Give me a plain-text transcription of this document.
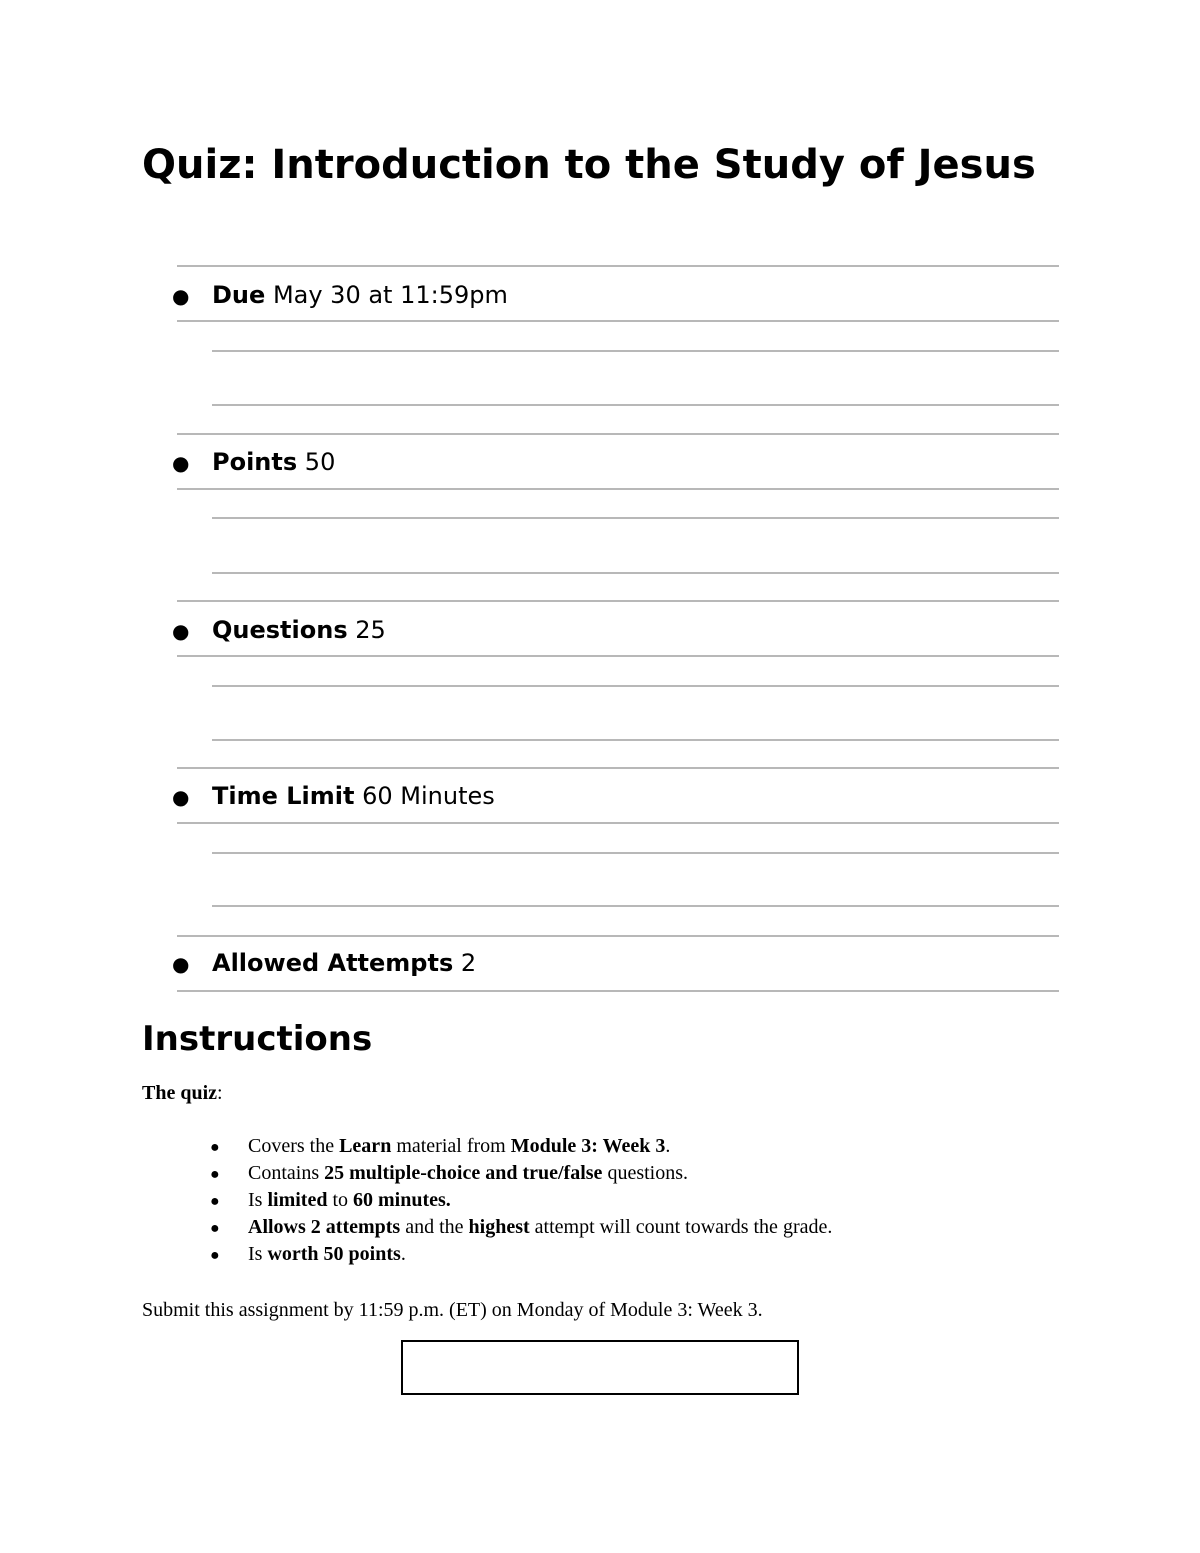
Quiz: Introduction to the Study of Jesus
● Due May 30 at 11:59pm
● Points 50
● Questions 25
● Time Limit 60 Minutes
● Allowed Attempts 2
Instructions
The quiz:
● Covers the Learn material from Module 3: Week 3.
● Contains 25 multiple-choice and true/false questions.
● Is limited to 60 minutes.
● Allows 2 attempts and the highest attempt will count towards the grade.
● Is worth 50 points.
Submit this assignment by 11:59 p.m. (ET) on Monday of Module 3: Week 3.
